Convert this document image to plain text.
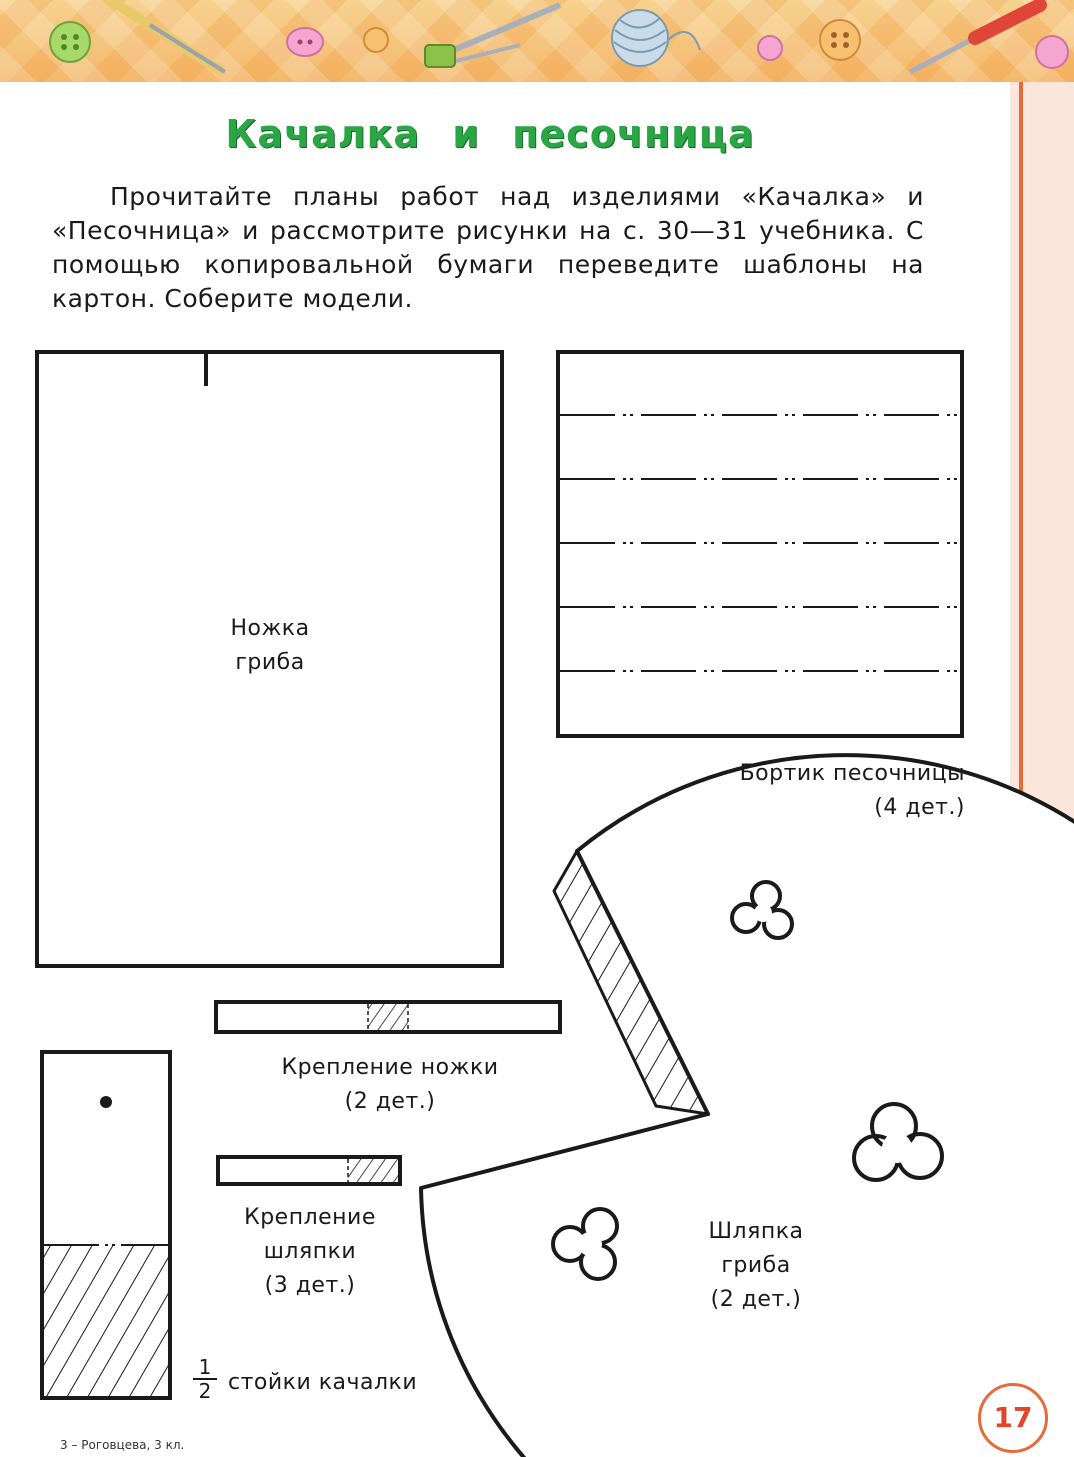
Качалка и песочница
Прочитайте планы работ над изделиями «Качалка» и «Песочница» и рассмотрите рисунки на с. 30—31 учебника. С помощью копировальной бумаги переведите шаблоны на картон. Соберите модели.
Ножка
гриба
Бортик песочницы
(4 дет.)
Крепление ножки
(2 дет.)
Крепление
шляпки
(3 дет.)
Шляпка
гриба
(2 дет.)
$\frac{1}{2}$ стойки качалки
17
3 – Роговцева, 3 кл.
